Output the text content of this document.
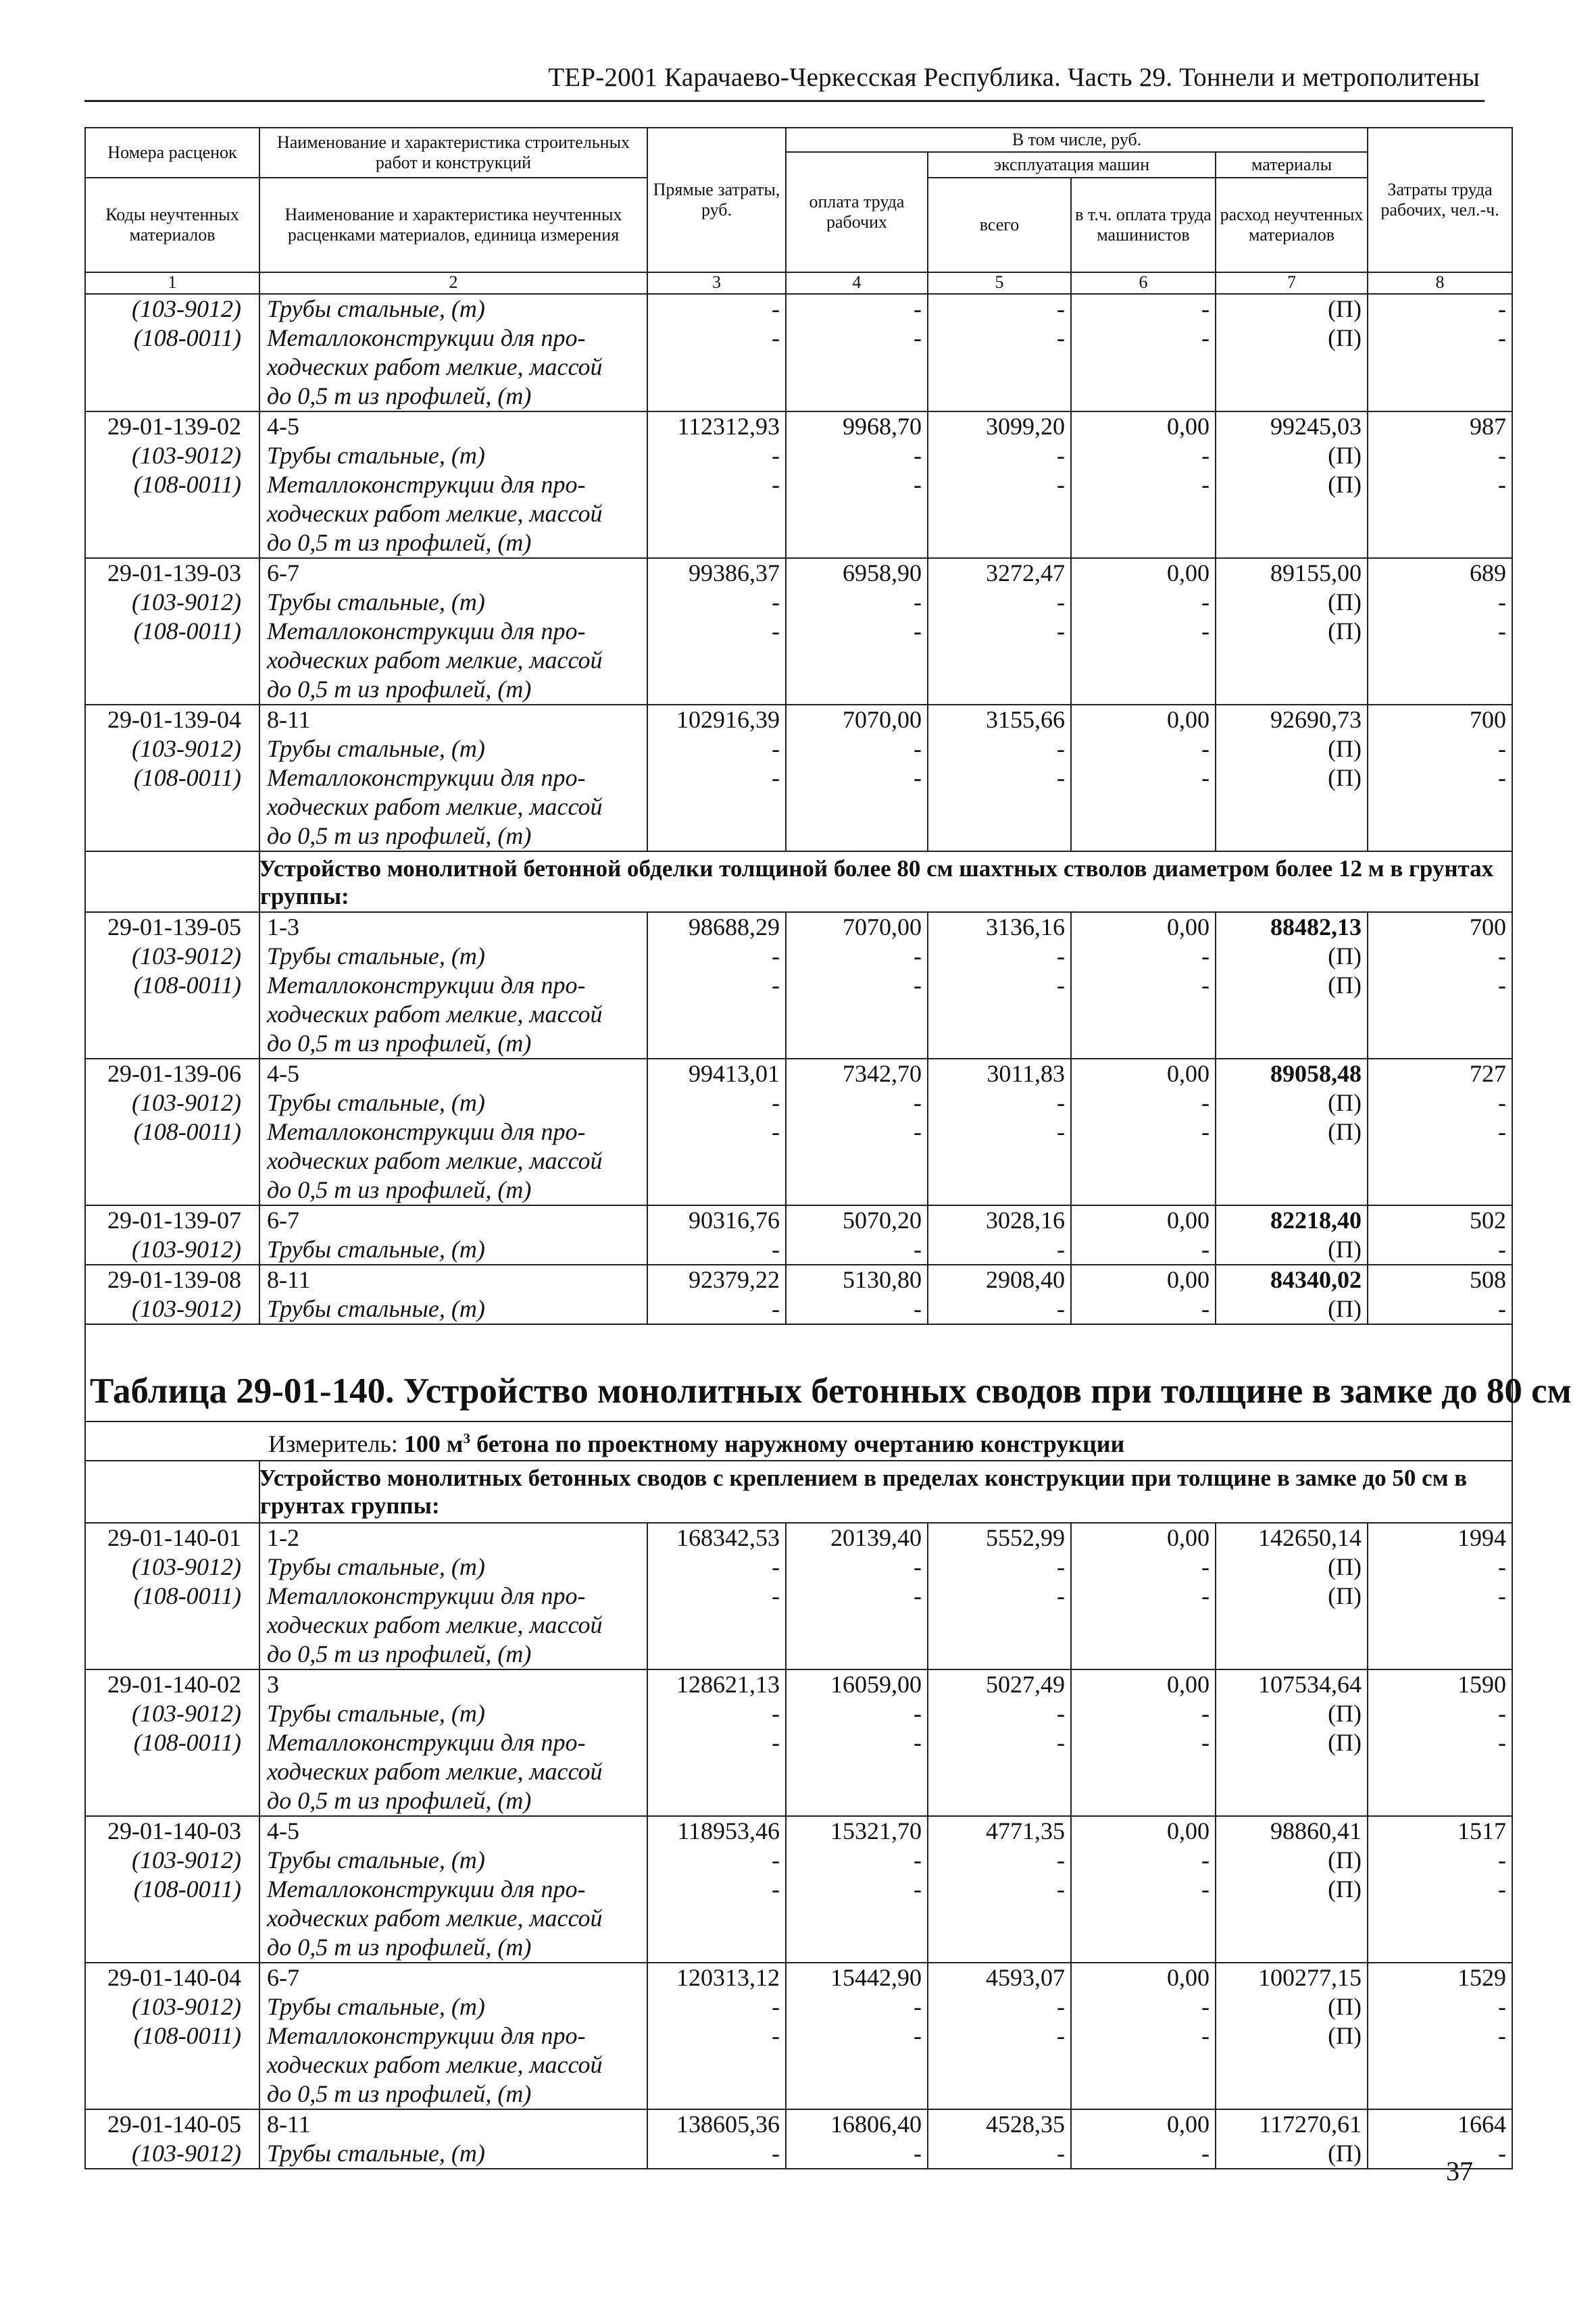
ТЕР-2001 Карачаево-Черкесская Республика. Часть 29. Тоннели и метрополитены
Номера расценок	Наименование и характеристика строительных работ и конструкций	Прямые затраты, руб.	В том числе, руб.				Затраты труда рабочих, чел.-ч.
			оплата труда рабочих	эксплуатация машин		материалы	
Коды неучтенных материалов	Наименование и характеристика неучтенных расценками материалов, единица измерения			всего	в т.ч. оплата труда машинистов	расход неучтенных материалов	

1	2	3	4	5	6	7	8
(103-9012)	Трубы стальные, (т)	-	-	-	-	(П)	-
(108-0011)	Металлоконструкции для про-	-	-	-	-	(П)	-
	ходческих работ мелкие, массой						
	до 0,5 т из профилей, (т)						
29-01-139-02	4-5	112312,93	9968,70	3099,20	0,00	99245,03	987
(103-9012)	Трубы стальные, (т)	-	-	-	-	(П)	-
(108-0011)	Металлоконструкции для про-	-	-	-	-	(П)	-
	ходческих работ мелкие, массой						
	до 0,5 т из профилей, (т)						
29-01-139-03	6-7	99386,37	6958,90	3272,47	0,00	89155,00	689
(103-9012)	Трубы стальные, (т)	-	-	-	-	(П)	-
(108-0011)	Металлоконструкции для про-	-	-	-	-	(П)	-
	ходческих работ мелкие, массой						
	до 0,5 т из профилей, (т)						
29-01-139-04	8-11	102916,39	7070,00	3155,66	0,00	92690,73	700
(103-9012)	Трубы стальные, (т)	-	-	-	-	(П)	-
(108-0011)	Металлоконструкции для про-	-	-	-	-	(П)	-
	ходческих работ мелкие, массой						
	до 0,5 т из профилей, (т)						
	Устройство монолитной бетонной обделки толщиной более 80 см шахтных стволов диаметром более 12 м в грунтах группы:						
29-01-139-05	1-3	98688,29	7070,00	3136,16	0,00	88482,13	700
(103-9012)	Трубы стальные, (т)	-	-	-	-	(П)	-
(108-0011)	Металлоконструкции для про-	-	-	-	-	(П)	-
	ходческих работ мелкие, массой						
	до 0,5 т из профилей, (т)						
29-01-139-06	4-5	99413,01	7342,70	3011,83	0,00	89058,48	727
(103-9012)	Трубы стальные, (т)	-	-	-	-	(П)	-
(108-0011)	Металлоконструкции для про-	-	-	-	-	(П)	-
	ходческих работ мелкие, массой						
	до 0,5 т из профилей, (т)						
29-01-139-07	6-7	90316,76	5070,20	3028,16	0,00	82218,40	502
(103-9012)	Трубы стальные, (т)	-	-	-	-	(П)	-
29-01-139-08	8-11	92379,22	5130,80	2908,40	0,00	84340,02	508
(103-9012)	Трубы стальные, (т)	-	-	-	-	(П)	-
Таблица 29-01-140. Устройство монолитных бетонных сводов при толщине в замке до 80 см							
Измеритель: 100 $м^3$ бетона по проектному наружному очертанию конструкции							
	Устройство монолитных бетонных сводов с креплением в пределах конструкции при толщине в замке до 50 см в грунтах группы:						
29-01-140-01	1-2	168342,53	20139,40	5552,99	0,00	142650,14	1994
(103-9012)	Трубы стальные, (т)	-	-	-	-	(П)	-
(108-0011)	Металлоконструкции для про-	-	-	-	-	(П)	-
	ходческих работ мелкие, массой						
	до 0,5 т из профилей, (т)						
29-01-140-02	3	128621,13	16059,00	5027,49	0,00	107534,64	1590
(103-9012)	Трубы стальные, (т)	-	-	-	-	(П)	-
(108-0011)	Металлоконструкции для про-	-	-	-	-	(П)	-
	ходческих работ мелкие, массой						
	до 0,5 т из профилей, (т)						
29-01-140-03	4-5	118953,46	15321,70	4771,35	0,00	98860,41	1517
(103-9012)	Трубы стальные, (т)	-	-	-	-	(П)	-
(108-0011)	Металлоконструкции для про-	-	-	-	-	(П)	-
	ходческих работ мелкие, массой						
	до 0,5 т из профилей, (т)						
29-01-140-04	6-7	120313,12	15442,90	4593,07	0,00	100277,15	1529
(103-9012)	Трубы стальные, (т)	-	-	-	-	(П)	-
(108-0011)	Металлоконструкции для про-	-	-	-	-	(П)	-
	ходческих работ мелкие, массой						
	до 0,5 т из профилей, (т)						
29-01-140-05	8-11	138605,36	16806,40	4528,35	0,00	117270,61	1664
(103-9012)	Трубы стальные, (т)	-	-	-	-	(П)	-
37
